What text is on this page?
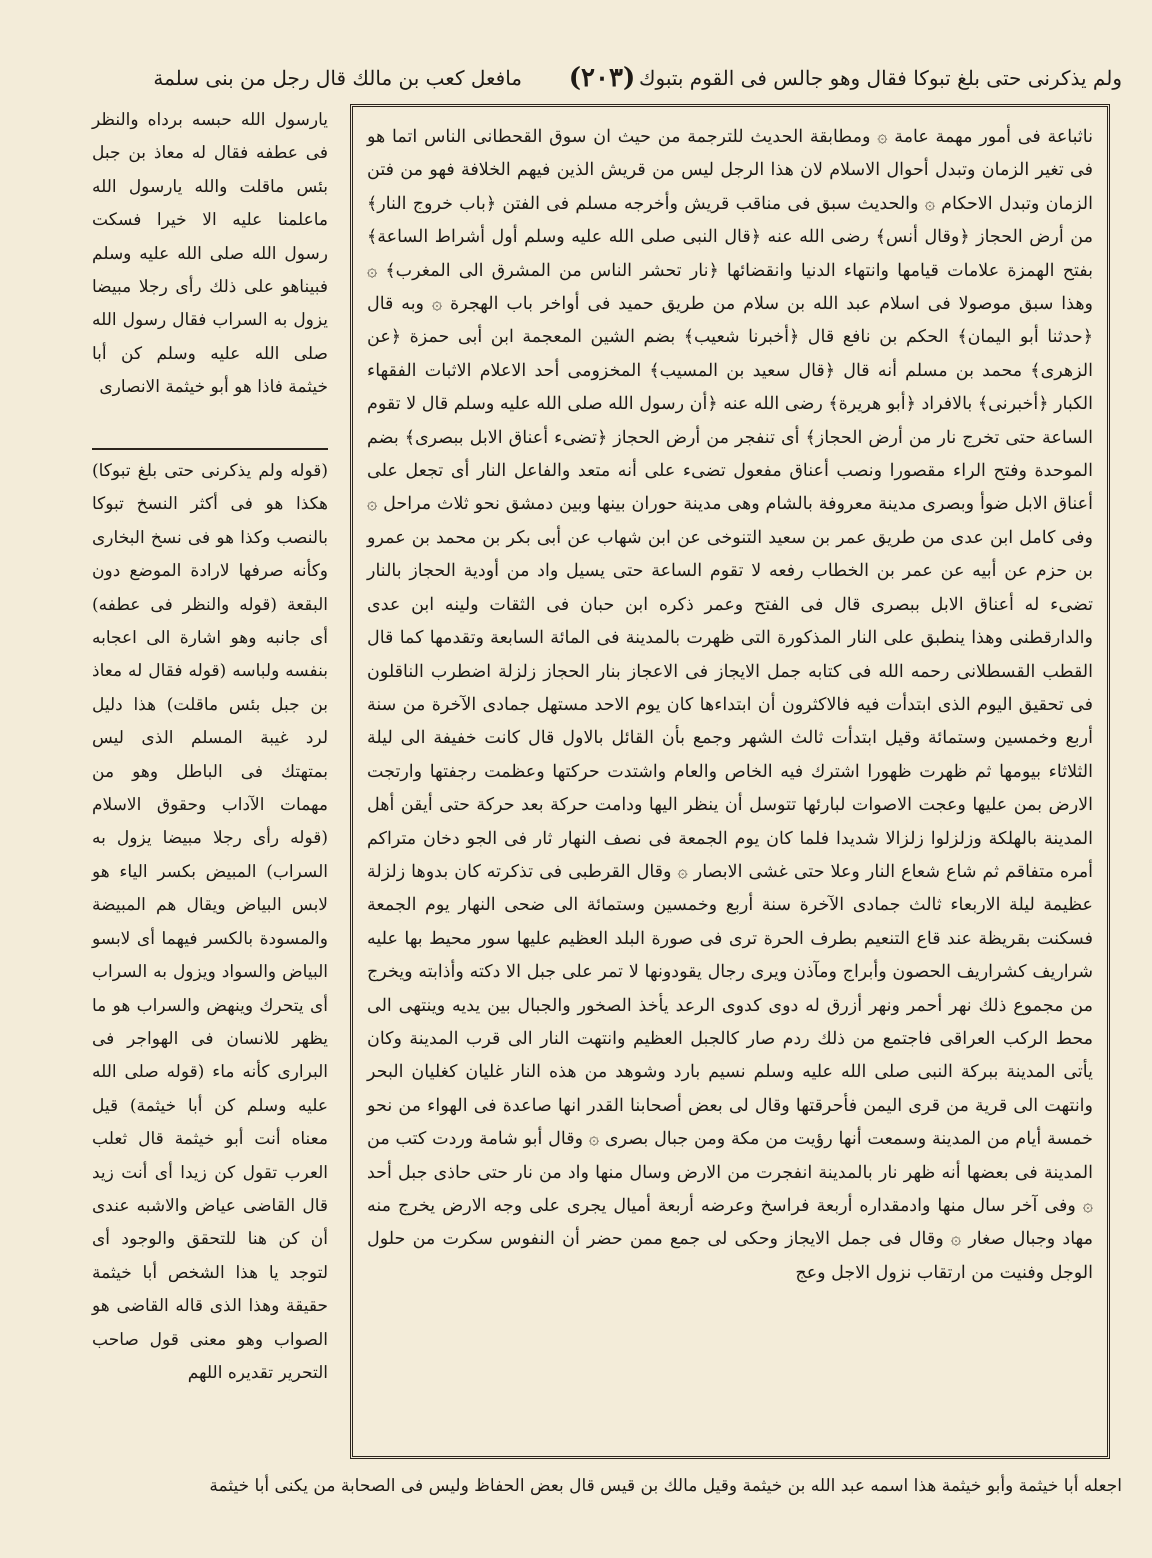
ولم يذكرنى حتى بلغ تبوكا فقال وهو جالس فى القوم بتبوك
(٢٠٣)
مافعل كعب بن مالك قال رجل من بنى سلمة

ناثباعة فى أمور مهمة عامة ۞ ومطابقة الحديث للترجمة من حيث ان سوق القحطانى الناس اتما هو فى تغير الزمان وتبدل أحوال الاسلام لان هذا الرجل ليس من قريش الذين فيهم الخلافة فهو من فتن الزمان وتبدل الاحكام ۞ والحديث سبق فى مناقب قريش وأخرجه مسلم فى الفتن ﴿باب خروج النار﴾ من أرض الحجاز ﴿وقال أنس﴾ رضى الله عنه ﴿قال النبى صلى الله عليه وسلم أول أشراط الساعة﴾ بفتح الهمزة علامات قيامها وانتهاء الدنيا وانقضائها ﴿نار تحشر الناس من المشرق الى المغرب﴾ ۞ وهذا سبق موصولا فى اسلام عبد الله بن سلام من طريق حميد فى أواخر باب الهجرة ۞ وبه قال ﴿حدثنا أبو اليمان﴾ الحكم بن نافع قال ﴿أخبرنا شعيب﴾ بضم الشين المعجمة ابن أبى حمزة ﴿عن الزهرى﴾ محمد بن مسلم أنه قال ﴿قال سعيد بن المسيب﴾ المخزومى أحد الاعلام الاثبات الفقهاء الكبار ﴿أخبرنى﴾ بالافراد ﴿أبو هريرة﴾ رضى الله عنه ﴿أن رسول الله صلى الله عليه وسلم قال لا تقوم الساعة حتى تخرج نار من أرض الحجاز﴾ أى تنفجر من أرض الحجاز ﴿تضىء أعناق الابل ببصرى﴾ بضم الموحدة وفتح الراء مقصورا ونصب أعناق مفعول تضىء على أنه متعد والفاعل النار أى تجعل على أعناق الابل ضوأ وبصرى مدينة معروفة بالشام وهى مدينة حوران بينها وبين دمشق نحو ثلاث مراحل ۞ وفى كامل ابن عدى من طريق عمر بن سعيد التنوخى عن ابن شهاب عن أبى بكر بن محمد بن عمرو بن حزم عن أبيه عن عمر بن الخطاب رفعه لا تقوم الساعة حتى يسيل واد من أودية الحجاز بالنار تضىء له أعناق الابل ببصرى قال فى الفتح وعمر ذكره ابن حبان فى الثقات ولينه ابن عدى والدارقطنى وهذا ينطبق على النار المذكورة التى ظهرت بالمدينة فى المائة السابعة وتقدمها كما قال القطب القسطلانى رحمه الله فى كتابه جمل الايجاز فى الاعجاز بنار الحجاز زلزلة اضطرب الناقلون فى تحقيق اليوم الذى ابتدأت فيه فالاكثرون أن ابتداءها كان يوم الاحد مستهل جمادى الآخرة من سنة أربع وخمسين وستمائة وقيل ابتدأت ثالث الشهر وجمع بأن القائل بالاول قال كانت خفيفة الى ليلة الثلاثاء بيومها ثم ظهرت ظهورا اشترك فيه الخاص والعام واشتدت حركتها وعظمت رجفتها وارتجت الارض بمن عليها وعجت الاصوات لبارئها تتوسل أن ينظر اليها ودامت حركة بعد حركة حتى أيقن أهل المدينة بالهلكة وزلزلوا زلزالا شديدا فلما كان يوم الجمعة فى نصف النهار ثار فى الجو دخان متراكم أمره متفاقم ثم شاع شعاع النار وعلا حتى غشى الابصار ۞ وقال القرطبى فى تذكرته كان بدوها زلزلة عظيمة ليلة الاربعاء ثالث جمادى الآخرة سنة أربع وخمسين وستمائة الى ضحى النهار يوم الجمعة فسكنت بقريظة عند قاع التنعيم بطرف الحرة ترى فى صورة البلد العظيم عليها سور محيط بها عليه شراريف كشراريف الحصون وأبراج ومآذن ويرى رجال يقودونها لا تمر على جبل الا دكته وأذابته ويخرج من مجموع ذلك نهر أحمر ونهر أزرق له دوى كدوى الرعد يأخذ الصخور والجبال بين يديه وينتهى الى محط الركب العراقى فاجتمع من ذلك ردم صار كالجبل العظيم وانتهت النار الى قرب المدينة وكان يأتى المدينة ببركة النبى صلى الله عليه وسلم نسيم بارد وشوهد من هذه النار غليان كغليان البحر وانتهت الى قرية من قرى اليمن فأحرقتها وقال لى بعض أصحابنا القدر انها صاعدة فى الهواء من نحو خمسة أيام من المدينة وسمعت أنها رؤيت من مكة ومن جبال بصرى ۞ وقال أبو شامة وردت كتب من المدينة فى بعضها أنه ظهر نار بالمدينة انفجرت من الارض وسال منها واد من نار حتى حاذى جبل أحد ۞ وفى آخر سال منها وادمقداره أربعة فراسخ وعرضه أربعة أميال يجرى على وجه الارض يخرج منه مهاد وجبال صغار ۞ وقال فى جمل الايجاز وحكى لى جمع ممن حضر أن النفوس سكرت من حلول الوجل وفنيت من ارتقاب نزول الاجل وعج

يارسول الله حبسه برداه والنظر فى عطفه فقال له معاذ بن جبل بئس ماقلت والله يارسول الله ماعلمنا عليه الا خيرا فسكت رسول الله صلى الله عليه وسلم فبيناهو على ذلك رأى رجلا مبيضا يزول به السراب فقال رسول الله صلى الله عليه وسلم كن أبا خيثمة فاذا هو أبو خيثمة الانصارى
(قوله ولم يذكرنى حتى بلغ تبوكا) هكذا هو فى أكثر النسخ تبوكا بالنصب وكذا هو فى نسخ البخارى وكأنه صرفها لارادة الموضع دون البقعة (قوله والنظر فى عطفه) أى جانبه وهو اشارة الى اعجابه بنفسه ولباسه (قوله فقال له معاذ بن جبل بئس ماقلت) هذا دليل لرد غيبة المسلم الذى ليس بمتهتك فى الباطل وهو من مهمات الآداب وحقوق الاسلام (قوله رأى رجلا مبيضا يزول به السراب) المبيض بكسر الياء هو لابس البياض ويقال هم المبيضة والمسودة بالكسر فيهما أى لابسو البياض والسواد ويزول به السراب أى يتحرك وينهض والسراب هو ما يظهر للانسان فى الهواجر فى البرارى كأنه ماء (قوله صلى الله عليه وسلم كن أبا خيثمة) قيل معناه أنت أبو خيثمة قال ثعلب العرب تقول كن زيدا أى أنت زيد قال القاضى عياض والاشبه عندى أن كن هنا للتحقق والوجود أى لتوجد يا هذا الشخص أبا خيثمة حقيقة وهذا الذى قاله القاضى هو الصواب وهو معنى قول صاحب التحرير تقديره اللهم
اجعله أبا خيثمة وأبو خيثمة هذا اسمه عبد الله بن خيثمة وقيل مالك بن قيس قال بعض الحفاظ وليس فى الصحابة من يكنى أبا خيثمة
